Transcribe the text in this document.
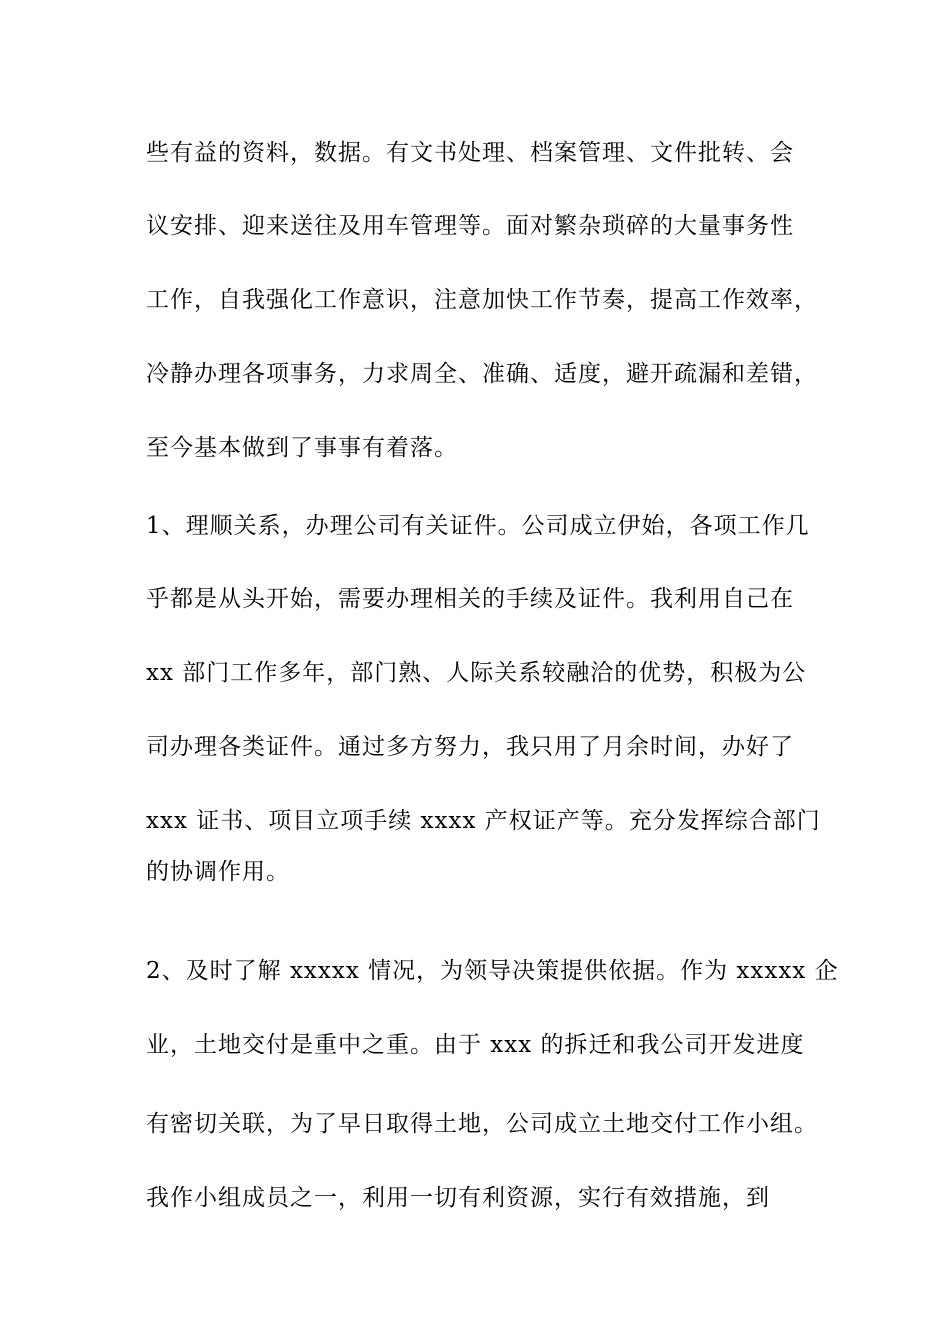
些有益的资料，数据。有文书处理、档案管理、文件批转、会
议安排、迎来送往及用车管理等。面对繁杂琐碎的大量事务性
工作，自我强化工作意识，注意加快工作节奏，提高工作效率，
冷静办理各项事务，力求周全、准确、适度，避开疏漏和差错，
至今基本做到了事事有着落。
1、理顺关系，办理公司有关证件。公司成立伊始，各项工作几
乎都是从头开始，需要办理相关的手续及证件。我利用自己在
xx 部门工作多年，部门熟、人际关系较融洽的优势，积极为公
司办理各类证件。通过多方努力，我只用了月余时间，办好了
xxx 证书、项目立项手续 xxxx 产权证产等。充分发挥综合部门
的协调作用。
2、及时了解 xxxxx 情况，为领导决策提供依据。作为 xxxxx 企
业，土地交付是重中之重。由于 xxx 的拆迁和我公司开发进度
有密切关联，为了早日取得土地，公司成立土地交付工作小组。
我作小组成员之一，利用一切有利资源，实行有效措施，到
